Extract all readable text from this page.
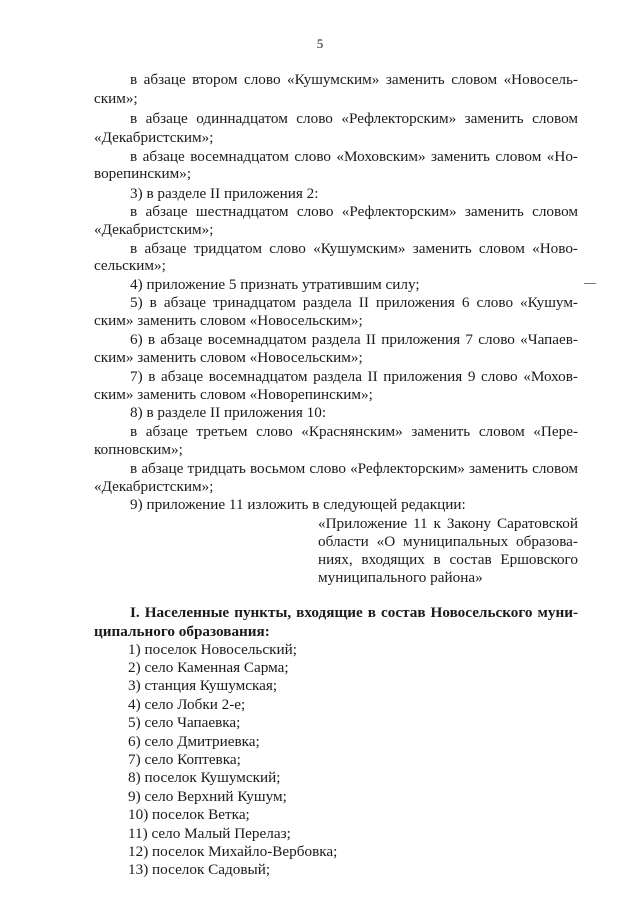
5
в абзаце втором слово «Кушумским» заменить словом «Новосель-
ским»;
в абзаце одиннадцатом слово «Рефлекторским» заменить словом
«Декабристским»;
в абзаце восемнадцатом слово «Моховским» заменить словом «Но-
ворепинским»;
3) в разделе II приложения 2:
в абзаце шестнадцатом слово «Рефлекторским» заменить словом
«Декабристским»;
в абзаце тридцатом слово «Кушумским» заменить словом «Ново-
сельским»;
4) приложение 5 признать утратившим силу;
5) в абзаце тринадцатом раздела II приложения 6 слово «Кушум-
ским» заменить словом «Новосельским»;
6) в абзаце восемнадцатом раздела II приложения 7 слово «Чапаев-
ским» заменить словом «Новосельским»;
7) в абзаце восемнадцатом раздела II приложения 9 слово «Мохов-
ским» заменить словом «Новорепинским»;
8) в разделе II приложения 10:
в абзаце третьем слово «Краснянским» заменить словом «Пере-
копновским»;
в абзаце тридцать восьмом слово «Рефлекторским» заменить словом
«Декабристским»;
9) приложение 11 изложить в следующей редакции:
«Приложение 11 к Закону Саратовской
области «О муниципальных образова-
ниях, входящих в состав Ершовского
муниципального района»
I. Населенные пункты, входящие в состав Новосельского муни-
ципального образования:
1) поселок Новосельский;
2) село Каменная Сарма;
3) станция Кушумская;
4) село Лобки 2-е;
5) село Чапаевка;
6) село Дмитриевка;
7) село Коптевка;
8) поселок Кушумский;
9) село Верхний Кушум;
10) поселок Ветка;
11) село Малый Перелаз;
12) поселок Михайло-Вербовка;
13) поселок Садовый;
